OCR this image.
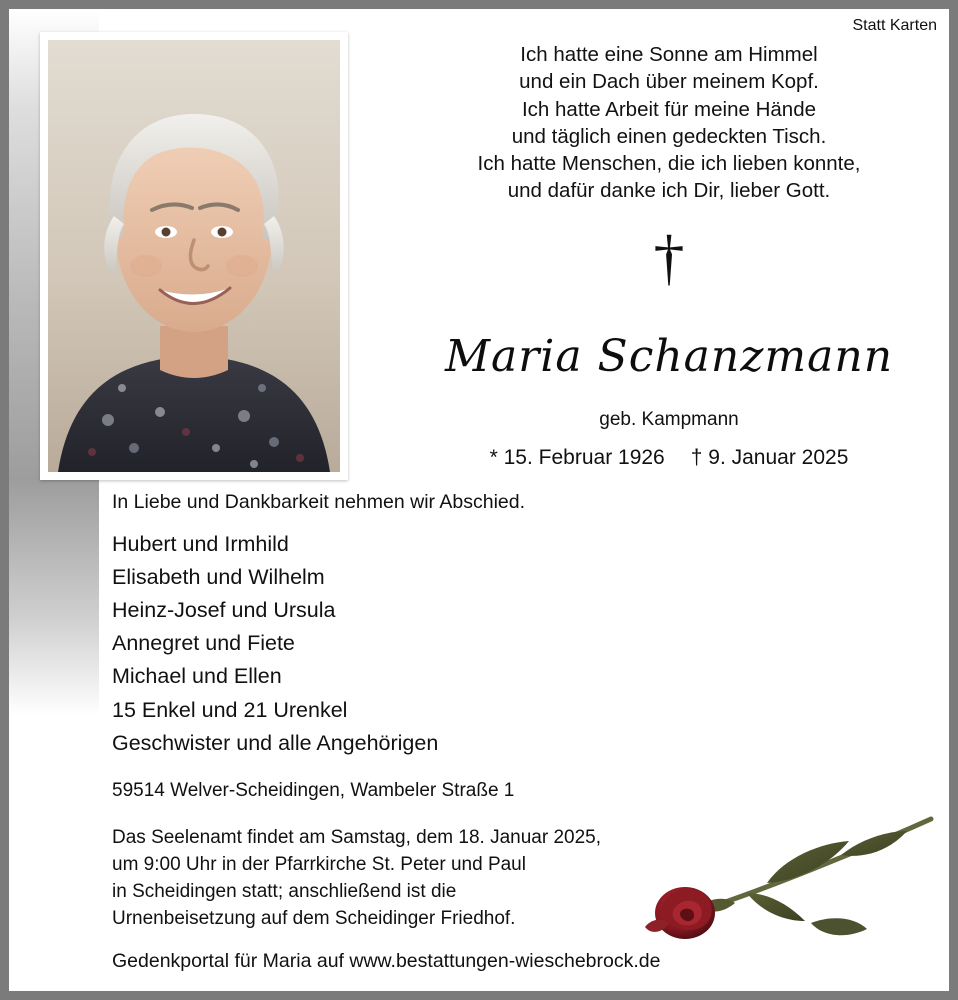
Statt Karten
Ich hatte eine Sonne am Himmel
und ein Dach über meinem Kopf.
Ich hatte Arbeit für meine Hände
und täglich einen gedeckten Tisch.
Ich hatte Menschen, die ich lieben konnte,
und dafür danke ich Dir, lieber Gott.
†
Maria Schanzmann
geb. Kampmann
* 15. Februar 1926 † 9. Januar 2025
In Liebe und Dankbarkeit nehmen wir Abschied.
Hubert und Irmhild
Elisabeth und Wilhelm
Heinz-Josef und Ursula
Annegret und Fiete
Michael und Ellen
15 Enkel und 21 Urenkel
Geschwister und alle Angehörigen
59514 Welver-Scheidingen, Wambeler Straße 1
Das Seelenamt findet am Samstag, dem 18. Januar 2025,
um 9:00 Uhr in der Pfarrkirche St. Peter und Paul
in Scheidingen statt; anschließend ist die
Urnenbeisetzung auf dem Scheidinger Friedhof.
Gedenkportal für Maria auf www.bestattungen-wieschebrock.de
